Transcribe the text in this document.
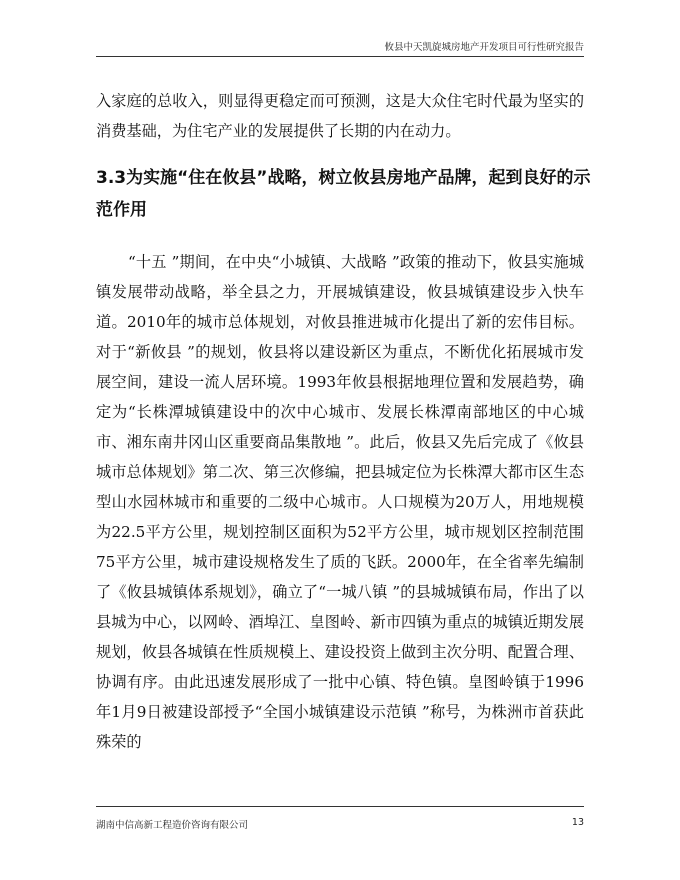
攸县中天凯旋城房地产开发项目可行性研究报告

入家庭的总收入，则显得更稳定而可预测，这是大众住宅时代最为坚实的消费基础，为住宅产业的发展提供了长期的内在动力。

3.3为实施“住在攸县”战略，树立攸县房地产品牌，起到良好的示范作用

“十五 ”期间，在中央“小城镇、大战略 ”政策的推动下，攸县实施城镇发展带动战略，举全县之力，开展城镇建设，攸县城镇建设步入快车道。2010年的城市总体规划，对攸县推进城市化提出了新的宏伟目标。对于“新攸县 ”的规划，攸县将以建设新区为重点，不断优化拓展城市发展空间，建设一流人居环境。1993年攸县根据地理位置和发展趋势，确定为“长株潭城镇建设中的次中心城市、发展长株潭南部地区的中心城市、湘东南井冈山区重要商品集散地 ”。此后，攸县又先后完成了《攸县城市总体规划》第二次、第三次修编，把县城定位为长株潭大都市区生态型山水园林城市和重要的二级中心城市。人口规模为20万人，用地规模为22.5平方公里，规划控制区面积为52平方公里，城市规划区控制范围75平方公里，城市建设规格发生了质的飞跃。2000年，在全省率先编制了《攸县城镇体系规划》，确立了“一城八镇 ”的县城城镇布局，作出了以县城为中心，以网岭、酒埠江、皇图岭、新市四镇为重点的城镇近期发展规划，攸县各城镇在性质规模上、建设投资上做到主次分明、配置合理、协调有序。由此迅速发展形成了一批中心镇、特色镇。皇图岭镇于1996年1月9日被建设部授予“全国小城镇建设示范镇 ”称号，为株洲市首获此殊荣的

湖南中信高新工程造价咨询有限公司	13
